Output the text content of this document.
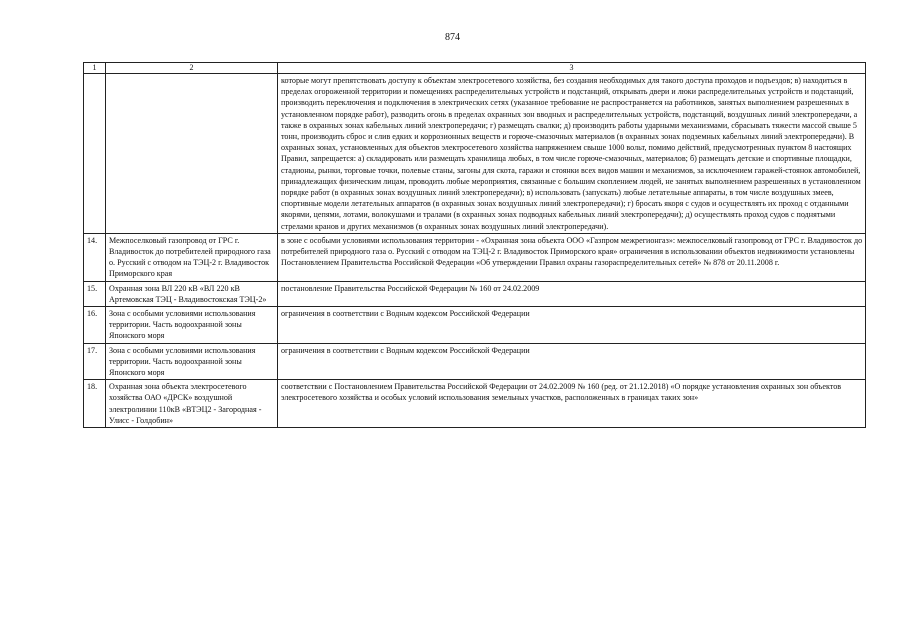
874
1	2	3
		которые могут препятствовать доступу к объектам электросетевого хозяйства, без создания необходимых для такого доступа проходов и подъездов; в) находиться в пределах огороженной территории и помещениях распределительных устройств и подстанций, открывать двери и люки распределительных устройств и подстанций, производить переключения и подключения в электрических сетях (указанное требование не распространяется на работников, занятых выполнением разрешенных в установленном порядке работ), разводить огонь в пределах охранных зон вводных и распределительных устройств, подстанций, воздушных линий электропередачи, а также в охранных зонах кабельных линий электропередачи; г) размещать свалки; д) производить работы ударными механизмами, сбрасывать тяжести массой свыше 5 тонн, производить сброс и слив едких и коррозионных веществ и горюче-смазочных материалов (в охранных зонах подземных кабельных линий электропередачи). В охранных зонах, установленных для объектов электросетевого хозяйства напряжением свыше 1000 вольт, помимо действий, предусмотренных пунктом 8 настоящих Правил, запрещается: а) складировать или размещать хранилища любых, в том числе горюче-смазочных, материалов; б) размещать детские и спортивные площадки, стадионы, рынки, торговые точки, полевые станы, загоны для скота, гаражи и стоянки всех видов машин и механизмов, за исключением гаражей-стоянок автомобилей, принадлежащих физическим лицам, проводить любые мероприятия, связанные с большим скоплением людей, не занятых выполнением разрешенных в установленном порядке работ (в охранных зонах воздушных линий электропередачи); в) использовать (запускать) любые летательные аппараты, в том числе воздушных змеев, спортивные модели летательных аппаратов (в охранных зонах воздушных линий электропередачи); г) бросать якоря с судов и осуществлять их проход с отданными якорями, цепями, лотами, волокушами и тралами (в охранных зонах подводных кабельных линий электропередачи); д) осуществлять проход судов с поднятыми стрелами кранов и других механизмов (в охранных зонах воздушных линий электропередачи).
14.	Межпоселковый газопровод от ГРС г. Владивосток до потребителей природного газа о. Русский с отводом на ТЭЦ-2 г. Владивосток Приморского края	в зоне с особыми условиями использования территории - «Охранная зона объекта ООО «Газпром межрегионгаз»: межпоселковый газопровод от ГРС г. Владивосток до потребителей природного газа о. Русский с отводом на ТЭЦ-2 г. Владивосток Приморского края» ограничения в использовании объектов недвижимости установлены Постановлением Правительства Российской Федерации «Об утверждении Правил охраны газораспределительных сетей» № 878 от 20.11.2008 г.
15.	Охранная зона ВЛ 220 кВ «ВЛ 220 кВ Артемовская ТЭЦ - Владивостокская ТЭЦ-2»	постановление Правительства Российской Федерации № 160 от 24.02.2009
16.	Зона с особыми условиями использования территории. Часть водоохранной зоны Японского моря	ограничения в соответствии с Водным кодексом Российской Федерации
17.	Зона с особыми условиями использования территории. Часть водоохранной зоны Японского моря	ограничения в соответствии с Водным кодексом Российской Федерации
18.	Охранная зона объекта электросетевого хозяйства ОАО «ДРСК» воздушной электролинии 110кВ «ВТЭЦ2 - Загородная - Улисс - Голдобин»	соответствии с Постановлением Правительства Российской Федерации от 24.02.2009 № 160 (ред. от 21.12.2018) «О порядке установления охранных зон объектов электросетевого хозяйства и особых условий использования земельных участков, расположенных в границах таких зон»
